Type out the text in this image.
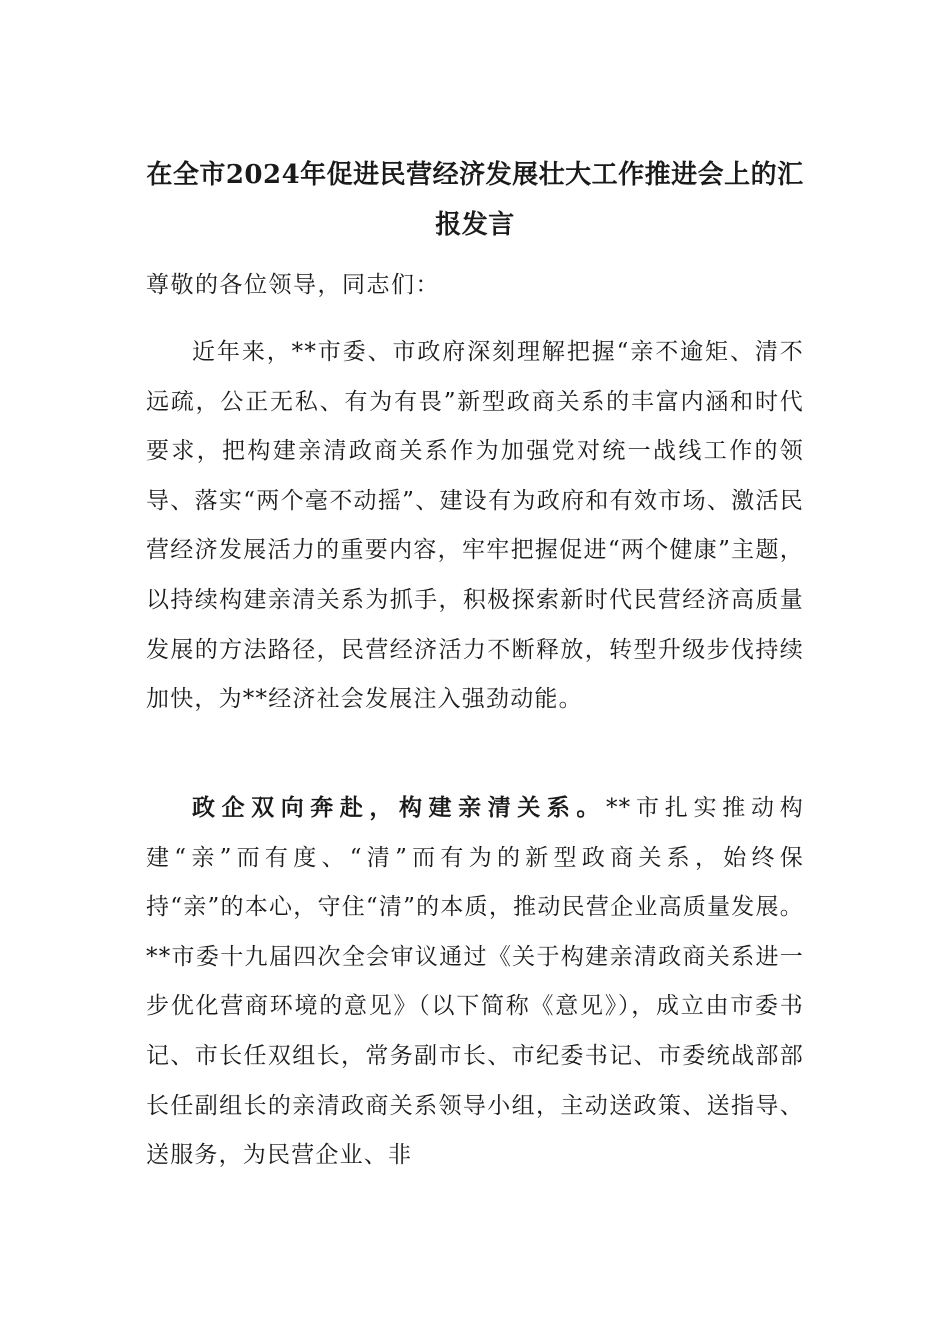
在全市2024年促进民营经济发展壮大工作推进会上的汇报发言
尊敬的各位领导，同志们：

近年来，**市委、市政府深刻理解把握“亲不逾矩、清不远疏，公正无私、有为有畏”新型政商关系的丰富内涵和时代要求，把构建亲清政商关系作为加强党对统一战线工作的领导、落实“两个毫不动摇”、建设有为政府和有效市场、激活民营经济发展活力的重要内容，牢牢把握促进“两个健康”主题，以持续构建亲清关系为抓手，积极探索新时代民营经济高质量发展的方法路径，民营经济活力不断释放，转型升级步伐持续加快，为**经济社会发展注入强劲动能。

政企双向奔赴，构建亲清关系。**市扎实推动构建“亲”而有度、“清”而有为的新型政商关系，始终保持“亲”的本心，守住“清”的本质，推动民营企业高质量发展。**市委十九届四次全会审议通过《关于构建亲清政商关系进一步优化营商环境的意见》（以下简称《意见》），成立由市委书记、市长任双组长，常务副市长、市纪委书记、市委统战部部长任副组长的亲清政商关系领导小组，主动送政策、送指导、送服务，为民营企业、非
